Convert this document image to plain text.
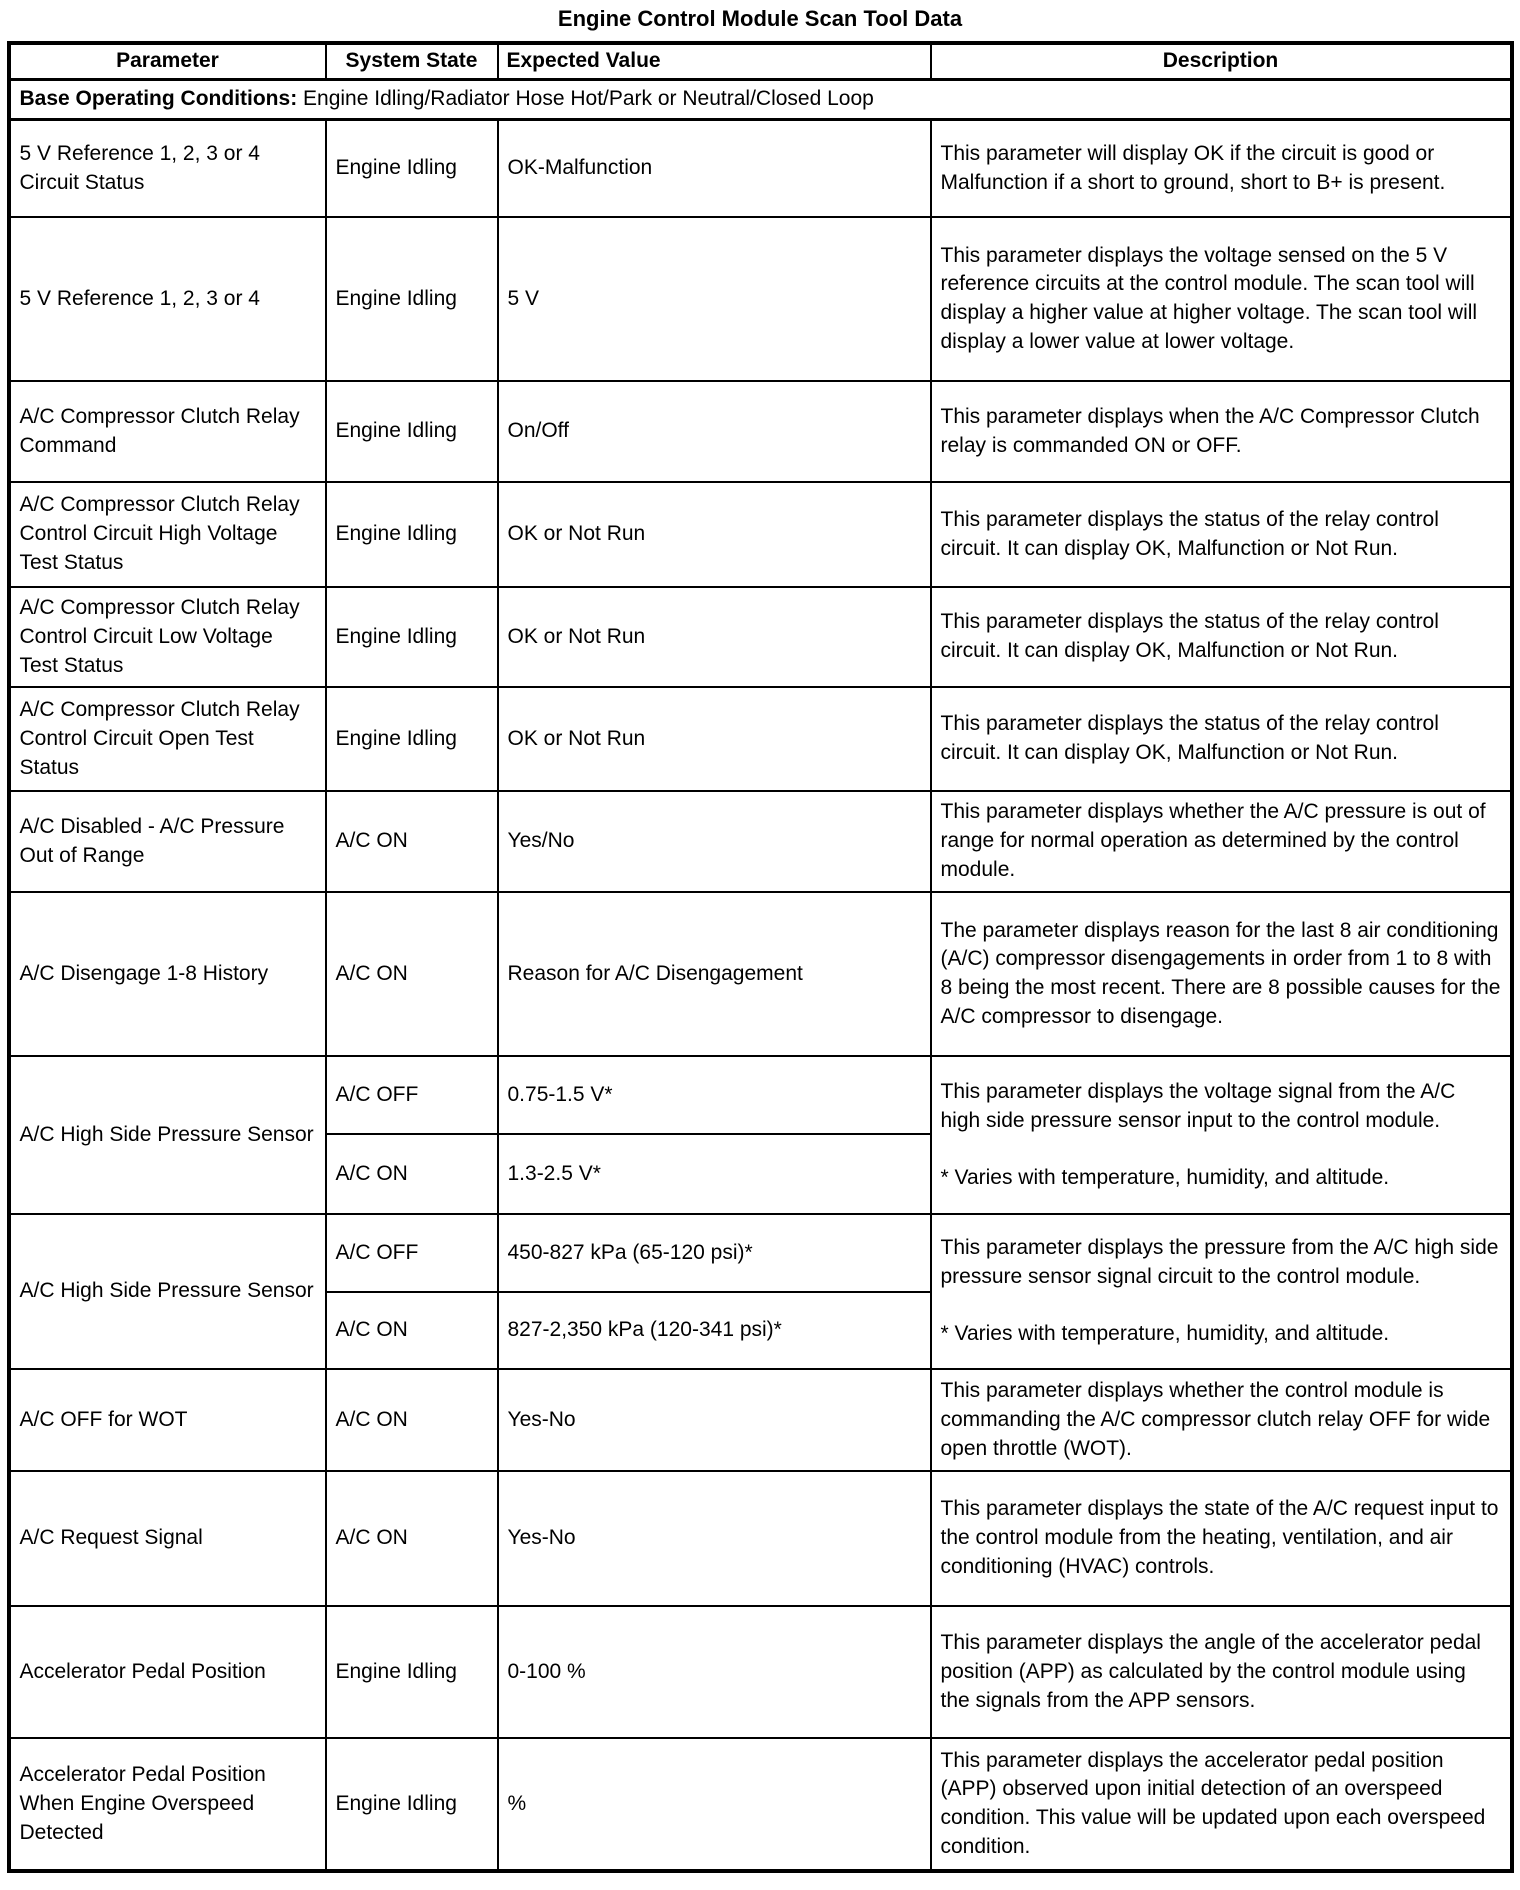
Engine Control Module Scan Tool Data
Parameter	System State	Expected Value	Description
Base Operating Conditions: Engine Idling/Radiator Hose Hot/Park or Neutral/Closed Loop			
5 V Reference 1, 2, 3 or 4 Circuit Status	Engine Idling	OK-Malfunction	This parameter will display OK if the circuit is good or Malfunction if a short to ground, short to B+ is present.

5 V Reference 1, 2, 3 or 4	Engine Idling	5 V	This parameter displays the voltage sensed on the 5 V reference circuits at the control module. The scan tool will display a higher value at higher voltage. The scan tool will display a lower value at lower voltage.

A/C Compressor Clutch Relay Command	Engine Idling	On/Off	This parameter displays when the A/C Compressor Clutch relay is commanded ON or OFF.

A/C Compressor Clutch Relay Control Circuit High Voltage Test Status	Engine Idling	OK or Not Run	This parameter displays the status of the relay control circuit. It can display OK, Malfunction or Not Run.

A/C Compressor Clutch Relay Control Circuit Low Voltage Test Status	Engine Idling	OK or Not Run	This parameter displays the status of the relay control circuit. It can display OK, Malfunction or Not Run.

A/C Compressor Clutch Relay Control Circuit Open Test Status	Engine Idling	OK or Not Run	This parameter displays the status of the relay control circuit. It can display OK, Malfunction or Not Run.

A/C Disabled - A/C Pressure Out of Range	A/C ON	Yes/No	This parameter displays whether the A/C pressure is out of range for normal operation as determined by the control module.

A/C Disengage 1-8 History	A/C ON	Reason for A/C Disengagement	The parameter displays reason for the last 8 air conditioning (A/C) compressor disengagements in order from 1 to 8 with 8 being the most recent. There are 8 possible causes for the A/C compressor to disengage.

A/C High Side Pressure Sensor	A/C OFF	0.75-1.5 V*	This parameter displays the voltage signal from the A/C high side pressure sensor input to the control module.
* Varies with temperature, humidity, and altitude.

	A/C ON	1.3-2.5 V*	
A/C High Side Pressure Sensor	A/C OFF	450-827 kPa (65-120 psi)*	This parameter displays the pressure from the A/C high side pressure sensor signal circuit to the control module.
* Varies with temperature, humidity, and altitude.

	A/C ON	827-2,350 kPa (120-341 psi)*	
A/C OFF for WOT	A/C ON	Yes-No	This parameter displays whether the control module is commanding the A/C compressor clutch relay OFF for wide open throttle (WOT).

A/C Request Signal	A/C ON	Yes-No	This parameter displays the state of the A/C request input to the control module from the heating, ventilation, and air conditioning (HVAC) controls.

Accelerator Pedal Position	Engine Idling	0-100 %	This parameter displays the angle of the accelerator pedal position (APP) as calculated by the control module using the signals from the APP sensors.

Accelerator Pedal Position When Engine Overspeed Detected	Engine Idling	%	This parameter displays the accelerator pedal position (APP) observed upon initial detection of an overspeed condition. This value will be updated upon each overspeed condition.
